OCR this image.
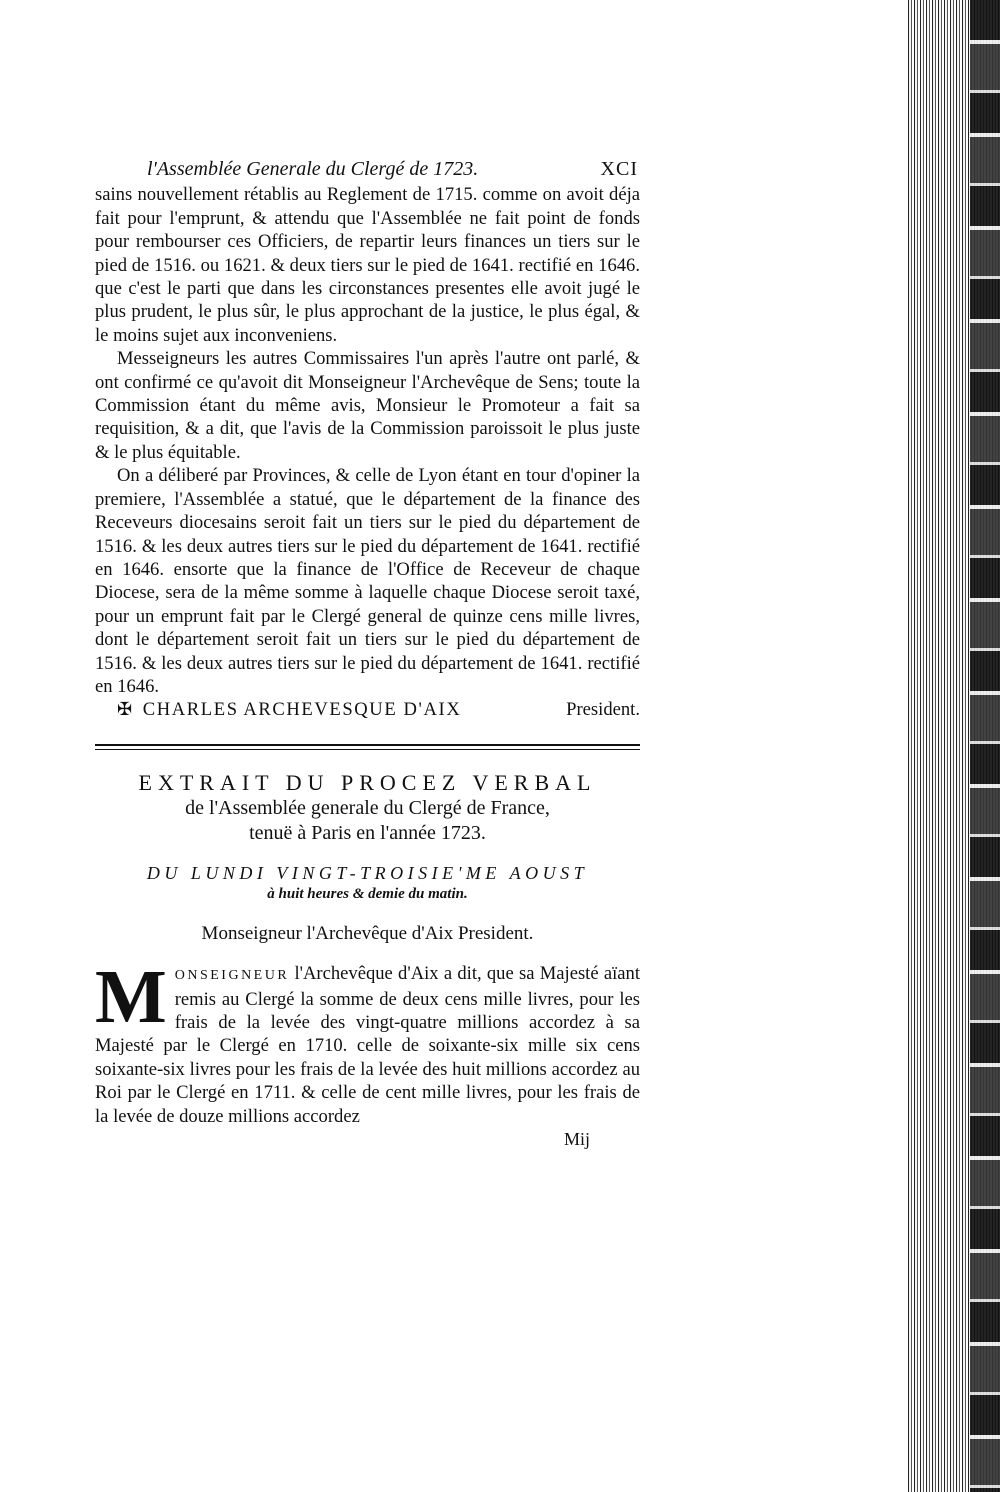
l'Assemblée Generale du Clergé de 1723.	XCI

sains nouvellement rétablis au Reglement de 1715. comme on avoit déja fait pour l'emprunt, & attendu que l'Assemblée ne fait point de fonds pour rembourser ces Officiers, de repartir leurs finances un tiers sur le pied de 1516. ou 1621. & deux tiers sur le pied de 1641. rectifié en 1646. que c'est le parti que dans les circonstances presentes elle avoit jugé le plus prudent, le plus sûr, le plus approchant de la justice, le plus égal, & le moins sujet aux inconveniens.

Messeigneurs les autres Commissaires l'un après l'autre ont parlé, & ont confirmé ce qu'avoit dit Monseigneur l'Archevêque de Sens; toute la Commission étant du même avis, Monsieur le Promoteur a fait sa requisition, & a dit, que l'avis de la Commission paroissoit le plus juste & le plus équitable.

On a déliberé par Provinces, & celle de Lyon étant en tour d'opiner la premiere, l'Assemblée a statué, que le département de la finance des Receveurs diocesains seroit fait un tiers sur le pied du département de 1516. & les deux autres tiers sur le pied du département de 1641. rectifié en 1646. ensorte que la finance de l'Office de Receveur de chaque Diocese, sera de la même somme à laquelle chaque Diocese seroit taxé, pour un emprunt fait par le Clergé general de quinze cens mille livres, dont le département seroit fait un tiers sur le pied du département de 1516. & les deux autres tiers sur le pied du département de 1641. rectifié en 1646.

✠ CHARLES ARCHEVESQUE D'AIX	President.
EXTRAIT DU PROCEZ VERBAL
de l'Assemblée generale du Clergé de France,
tenuë à Paris en l'année 1723.
DU LUNDI VINGT-TROISIE'ME AOUST
à huit heures & demie du matin.
Monseigneur l'Archevêque d'Aix President.
M ONSEIGNEUR l'Archevêque d'Aix a dit, que sa Majesté aïant remis au Clergé la somme de deux cens mille livres, pour les frais de la levée des vingt-quatre millions accordez à sa Majesté par le Clergé en 1710. celle de soixante-six mille six cens soixante-six livres pour les frais de la levée des huit millions accordez au Roi par le Clergé en 1711. & celle de cent mille livres, pour les frais de la levée de douze millions accordez

Mij
